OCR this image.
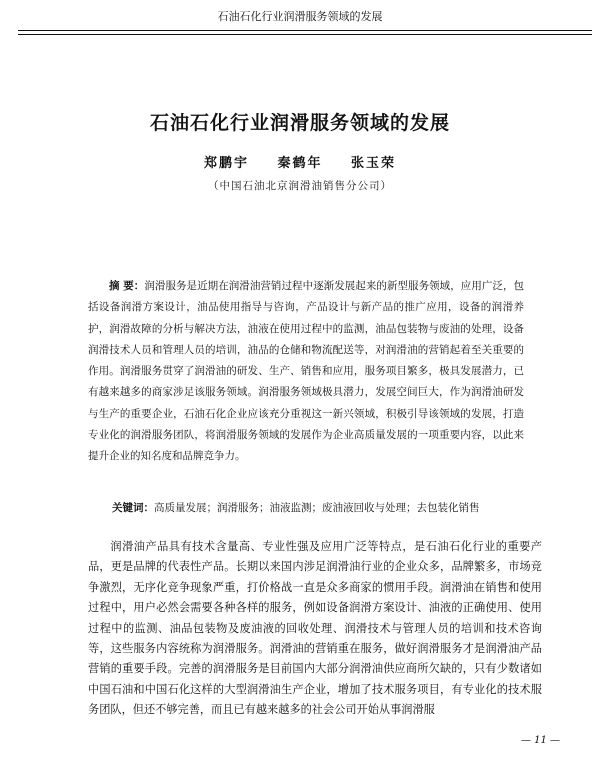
石油石化行业润滑服务领域的发展
石油石化行业润滑服务领域的发展
郑鹏宇 秦鹤年 张玉荣
（中国石油北京润滑油销售分公司）

摘 要：润滑服务是近期在润滑油营销过程中逐渐发展起来的新型服务领域，应用广泛，包括设备润滑方案设计，油品使用指导与咨询，产品设计与新产品的推广应用，设备的润滑养护，润滑故障的分析与解决方法，油液在使用过程中的监测，油品包装物与废油的处理，设备润滑技术人员和管理人员的培训，油品的仓储和物流配送等，对润滑油的营销起着至关重要的作用。润滑服务贯穿了润滑油的研发、生产、销售和应用，服务项目繁多，极具发展潜力，已有越来越多的商家涉足该服务领域。润滑服务领域极具潜力，发展空间巨大，作为润滑油研发与生产的重要企业，石油石化企业应该充分重视这一新兴领域，积极引导该领域的发展，打造专业化的润滑服务团队，将润滑服务领域的发展作为企业高质量发展的一项重要内容，以此来提升企业的知名度和品牌竞争力。

关键词：高质量发展；润滑服务；油液监测；废油液回收与处理；去包装化销售

润滑油产品具有技术含量高、专业性强及应用广泛等特点，是石油石化行业的重要产品，更是品牌的代表性产品。长期以来国内涉足润滑油行业的企业众多，品牌繁多，市场竞争激烈，无序化竞争现象严重，打价格战一直是众多商家的惯用手段。润滑油在销售和使用过程中，用户必然会需要各种各样的服务，例如设备润滑方案设计、油液的正确使用、使用过程中的监测、油品包装物及废油液的回收处理、润滑技术与管理人员的培训和技术咨询等，这些服务内容统称为润滑服务。润滑油的营销重在服务，做好润滑服务才是润滑油产品营销的重要手段。完善的润滑服务是目前国内大部分润滑油供应商所欠缺的，只有少数诸如中国石油和中国石化这样的大型润滑油生产企业，增加了技术服务项目，有专业化的技术服务团队，但还不够完善，而且已有越来越多的社会公司开始从事润滑服

— 11 —
